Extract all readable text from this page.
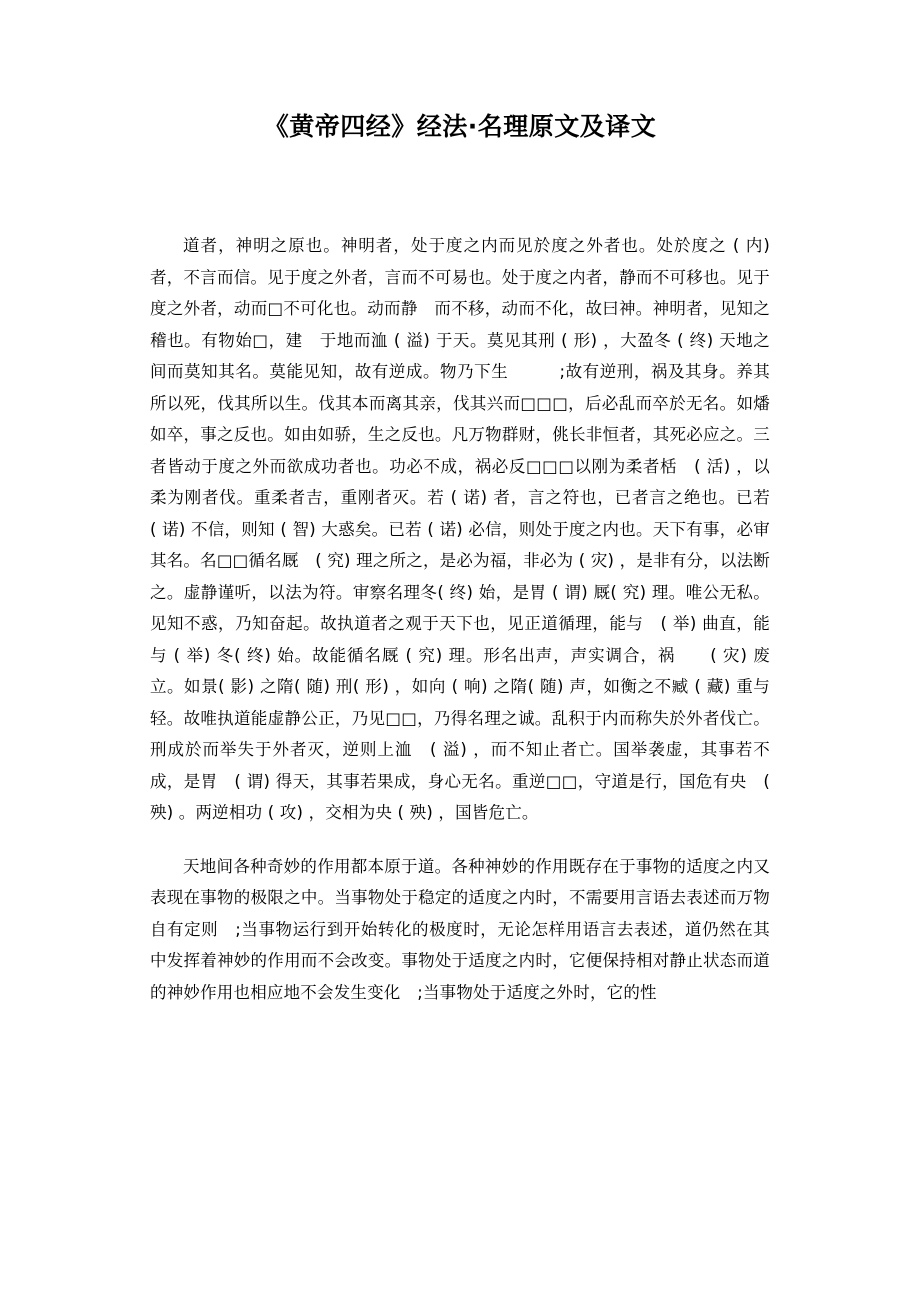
《黄帝四经》经法·名理原文及译文

道者，神明之原也。神明者，处于度之内而见於度之外者也。处於度之 ( 内) 者，不言而信。见于度之外者，言而不可易也。处于度之内者，静而不可移也。见于度之外者，动而□不可化也。动而静　而不移，动而不化，故曰神。神明者，见知之稽也。有物始□，建　于地而洫 ( 溢) 于天。莫见其刑 ( 形) ，大盈冬 ( 终) 天地之间而莫知其名。莫能见知，故有逆成。物乃下生　　　;故有逆刑，祸及其身。养其所以死，伐其所以生。伐其本而离其亲，伐其兴而□□□，后必乱而卒於无名。如燔如卒，事之反也。如由如骄，生之反也。凡万物群财，佻长非恒者，其死必应之。三者皆动于度之外而欲成功者也。功必不成，祸必反□□□以刚为柔者栝　( 活) ，以柔为刚者伐。重柔者吉，重刚者灭。若 ( 诺) 者，言之符也，已者言之绝也。已若　( 诺) 不信，则知 ( 智) 大惑矣。已若 ( 诺) 必信，则处于度之内也。天下有事，必审其名。名□□循名厩　( 究) 理之所之，是必为福，非必为 ( 灾) ，是非有分，以法断之。虚静谨听，以法为符。审察名理冬( 终) 始，是胃 ( 谓) 厩( 究) 理。唯公无私。见知不惑，乃知奋起。故执道者之观于天下也，见正道循理，能与　( 举) 曲直，能与 ( 举) 冬( 终) 始。故能循名厩 ( 究) 理。形名出声，声实调合，祸　　( 灾) 废立。如景( 影) 之隋( 随) 刑( 形) ，如向 ( 响) 之隋( 随) 声，如衡之不臧 ( 藏) 重与轻。故唯执道能虚静公正，乃见□□，乃得名理之诚。乱积于内而称失於外者伐亡。刑成於而举失于外者灭，逆则上洫　( 溢) ，而不知止者亡。国举袭虚，其事若不成，是胃　( 谓) 得天，其事若果成，身心无名。重逆□□，守道是行，国危有央　( 殃) 。两逆相功 ( 攻) ，交相为央 ( 殃) ，国皆危亡。

天地间各种奇妙的作用都本原于道。各种神妙的作用既存在于事物的适度之内又表现在事物的极限之中。当事物处于稳定的适度之内时，不需要用言语去表述而万物自有定则　;当事物运行到开始转化的极度时，无论怎样用语言去表述，道仍然在其中发挥着神妙的作用而不会改变。事物处于适度之内时，它便保持相对静止状态而道的神妙作用也相应地不会发生变化　;当事物处于适度之外时，它的性
